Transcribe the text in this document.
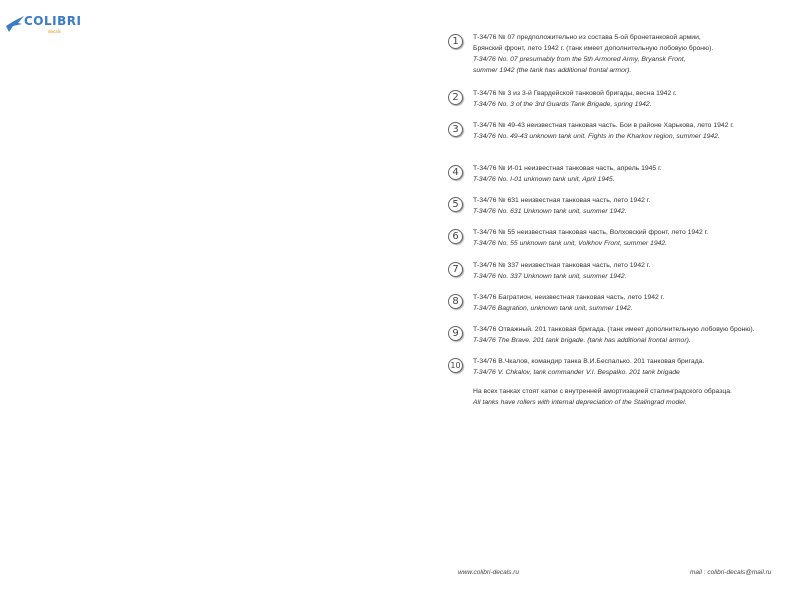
COLIBRI
decals
1	Т-34/76 № 07 предположительно из состава 5-ой бронетанковой армии,
Брянский фронт, лето 1942 г. (танк имеет дополнительную лобовую броню).
T-34/76 No. 07 presumably from the 5th Armored Army, Bryansk Front,
summer 1942 (the tank has additional frontal armor).
2	Т-34/76 № 3 из 3-й Гвардейской танковой бригады, весна 1942 г.
T-34/76 No. 3 of the 3rd Guards Tank Brigade, spring 1942.
3	Т-34/76 № 49-43 неизвестная танковая часть. Бои в районе Харькова, лето 1942 г.
T-34/76 No. 49-43 unknown tank unit. Fights in the Kharkov region, summer 1942.
4	Т-34/76 № И-01 неизвестная танковая часть, апрель 1945 г.
T-34/76 No. I-01 unknown tank unit, April 1945.
5	Т-34/76 № 631 неизвестная танковая часть, лето 1942 г.
T-34/76 No. 631 Unknown tank unit, summer 1942.
6	Т-34/76 № 55 неизвестная танковая часть, Волховский фронт, лето 1942 г.
T-34/76 No. 55 unknown tank unit, Volkhov Front, summer 1942.
7	Т-34/76 № 337 неизвестная танковая часть, лето 1942 г.
T-34/76 No. 337 Unknown tank unit, summer 1942.
8	Т-34/76 Багратион, неизвестная танковая часть, лето 1942 г.
T-34/76 Bagration, unknown tank unit, summer 1942.
9	Т-34/76 Отважный. 201 танковая бригада. (танк имеет дополнительную лобовую броню).
T-34/76 The Brave. 201 tank brigade. (tank has additional frontal armor).
10	Т-34/76 В.Чкалов, командир танка В.И.Беспалько. 201 танковая бригада.
T-34/76 V. Chkalov, tank commander V.I. Bespalko. 201 tank brigade
На всех танках стоят катки с внутренней амортизацией сталинградского образца.
All tanks have rollers with internal depreciation of the Stalingrad model.
www.colibri-decals.ru	mail : colibri-decals@mail.ru
